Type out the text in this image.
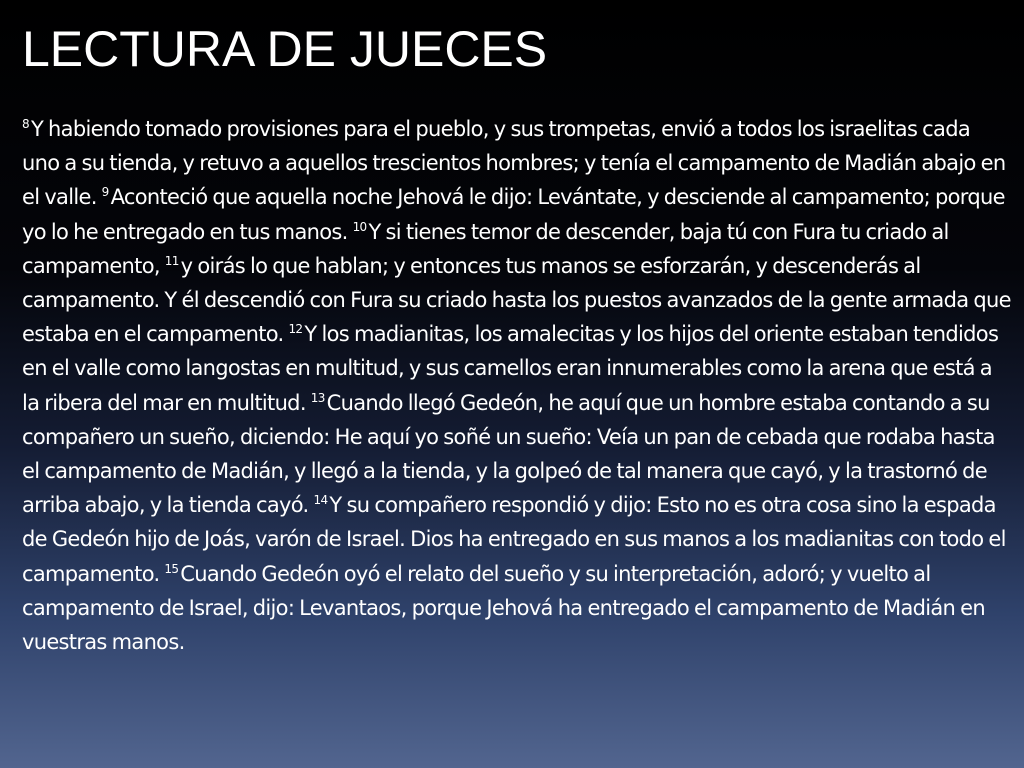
LECTURA DE JUECES

$^8$Y habiendo tomado provisiones para el pueblo, y sus trompetas, envió a todos los israelitas cada uno a su tienda, y retuvo a aquellos trescientos hombres; y tenía el campamento de Madián abajo en el valle. $^9$Aconteció que aquella noche Jehová le dijo: Levántate, y desciende al campamento; porque yo lo he entregado en tus manos. $^{10}$Y si tienes temor de descender, baja tú con Fura tu criado al campamento, $^{11}$y oirás lo que hablan; y entonces tus manos se esforzarán, y descenderás al campamento. Y él descendió con Fura su criado hasta los puestos avanzados de la gente armada que estaba en el campamento. $^{12}$Y los madianitas, los amalecitas y los hijos del oriente estaban tendidos en el valle como langostas en multitud, y sus camellos eran innumerables como la arena que está a la ribera del mar en multitud. $^{13}$Cuando llegó Gedeón, he aquí que un hombre estaba contando a su compañero un sueño, diciendo: He aquí yo soñé un sueño: Veía un pan de cebada que rodaba hasta el campamento de Madián, y llegó a la tienda, y la golpeó de tal manera que cayó, y la trastornó de arriba abajo, y la tienda cayó. $^{14}$Y su compañero respondió y dijo: Esto no es otra cosa sino la espada de Gedeón hijo de Joás, varón de Israel. Dios ha entregado en sus manos a los madianitas con todo el campamento. $^{15}$Cuando Gedeón oyó el relato del sueño y su interpretación, adoró; y vuelto al campamento de Israel, dijo: Levantaos, porque Jehová ha entregado el campamento de Madián en vuestras manos.
